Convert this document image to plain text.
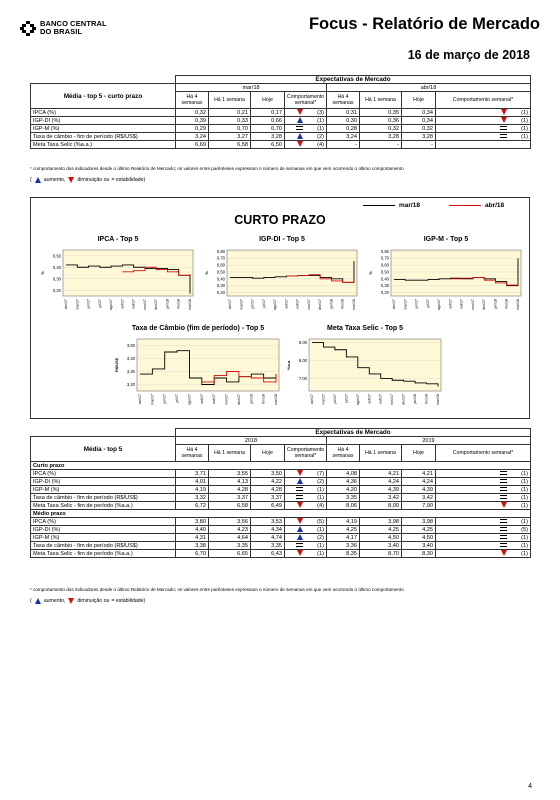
BANCO CENTRAL
DO BRASIL	Focus - Relatório de Mercado
16 de março de 2018
	Expectativas de Mercado							
Média - top 5 - curto prazo	mar/18				abr/18			
	Há 4 semanas	Há 1 semana	Hoje	Comportamento semanal*	Há 4 semanas	Há 1 semana	Hoje	Comportamento semanal*
IPCA (%)	0,32	0,21	0,17	(3)	0,31	0,35	0,34	(1)
IGP-DI (%)	0,39	0,33	0,66	(1)	0,30	0,36	0,34	(1)
IGP-M (%)	0,29	0,70	0,70	(1)	0,28	0,32	0,32	(1)
Taxa de câmbio - fim de período (R$/US$)	3,24	3,27	3,28	(2)	3,24	3,28	3,28	(1)
Meta Taxa Selic (%a.a.)	6,69	6,58	6,50	(4)	-	-	-	
* comportamento dos indicadores desde o último Relatório de Mercado; os valores entre parênteses expressam o número de semanas em que vem ocorrendo o último comportamento
( aumento, diminuição ou = estabilidade)
mar/18	abr/18
CURTO PRAZO
IPCA - Top 5
0,50
0,40
0,30
0,20
abr/17 mai/17 jun/17 jul/17 ago/17 set/17 out/17 nov/17 dez/17 jan/18 fev/18 mar/18
%
IGP-DI - Top 5
0,80
0,70
0,60
0,50
0,40
0,30
0,20
abr/17 mai/17 jun/17 jul/17 ago/17 set/17 out/17 nov/17 dez/17 jan/18 fev/18 mar/18
%
IGP-M - Top 5
0,80
0,70
0,60
0,50
0,40
0,30
0,20
abr/17 mai/17 jun/17 jul/17 ago/17 set/17 out/17 nov/17 dez/17 jan/18 fev/18 mar/18
%
Taxa de Câmbio (fim de período) - Top 5
3,50
3,40
3,30
3,20
abr/17 mai/17 jun/17 jul/17 ago/17 set/17 out/17 nov/17 dez/17 jan/18 fev/18 mar/18
R$/US$
Meta Taxa Selic - Top 5
9,00
8,00
7,00
abr/17 mai/17 jun/17 jul/17 ago/17 set/17 out/17 nov/17 dez/17 jan/18 fev/18 mar/18
%a.a.
	Expectativas de Mercado							
Média - top 5	2018				2019			
	Há 4 semanas	Há 1 semana	Hoje	Comportamento semanal*	Há 4 semanas	Há 1 semana	Hoje	Comportamento semanal*
Curto prazo								
IPCA (%)	3,71	3,55	3,50	(7)	4,08	4,21	4,21	(1)
IGP-DI (%)	4,01	4,13	4,22	(2)	4,36	4,24	4,24	(1)
IGP-M (%)	4,19	4,28	4,28	(1)	4,20	4,39	4,39	(1)
Taxa de câmbio - fim de período (R$/US$)	3,32	3,37	3,37	(1)	3,35	3,42	3,42	(1)
Meta Taxa Selic - fim de período (%a.a.)	6,72	6,58	6,49	(4)	8,06	8,00	7,90	(1)
Médio prazo								
IPCA (%)	3,80	3,56	3,53	(5)	4,19	3,98	3,98	(1)
IGP-DI (%)	4,40	4,23	4,34	(1)	4,25	4,25	4,25	(5)
IGP-M (%)	4,31	4,64	4,74	(2)	4,17	4,50	4,50	(1)
Taxa de câmbio - fim de período (R$/US$)	3,38	3,35	3,35	(1)	3,36	3,40	3,40	(1)
Meta Taxa Selic - fim de período (%a.a.)	6,70	6,65	6,43	(1)	8,35	8,70	8,30	(1)
* comportamento dos indicadores desde o último Relatório de Mercado; os valores entre parênteses expressam o número de semanas em que vem ocorrendo o último comportamento
( aumento, diminuição ou = estabilidade)
4
